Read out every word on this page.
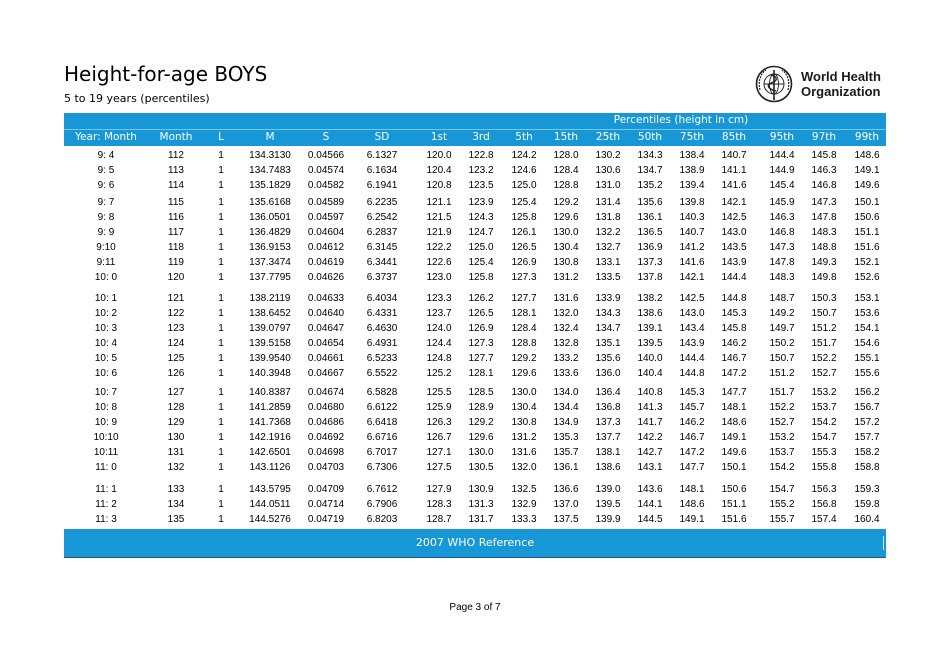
Height-for-age BOYS
5 to 19 years (percentiles)
World Health
Organization
Percentiles (height in cm)
Year: Month	Month	L	M	S	SD	1st	3rd	5th	15th	25th	50th	75th	85th	95th	97th	99th
9: 4	112	1	134.3130	0.04566	6.1327	120.0	122.8	124.2	128.0	130.2	134.3	138.4	140.7	144.4	145.8	148.6
9: 5	113	1	134.7483	0.04574	6.1634	120.4	123.2	124.6	128.4	130.6	134.7	138.9	141.1	144.9	146.3	149.1
9: 6	114	1	135.1829	0.04582	6.1941	120.8	123.5	125.0	128.8	131.0	135.2	139.4	141.6	145.4	146.8	149.6
9: 7	115	1	135.6168	0.04589	6.2235	121.1	123.9	125.4	129.2	131.4	135.6	139.8	142.1	145.9	147.3	150.1
9: 8	116	1	136.0501	0.04597	6.2542	121.5	124.3	125.8	129.6	131.8	136.1	140.3	142.5	146.3	147.8	150.6
9: 9	117	1	136.4829	0.04604	6.2837	121.9	124.7	126.1	130.0	132.2	136.5	140.7	143.0	146.8	148.3	151.1
9:10	118	1	136.9153	0.04612	6.3145	122.2	125.0	126.5	130.4	132.7	136.9	141.2	143.5	147.3	148.8	151.6
9:11	119	1	137.3474	0.04619	6.3441	122.6	125.4	126.9	130.8	133.1	137.3	141.6	143.9	147.8	149.3	152.1
10: 0	120	1	137.7795	0.04626	6.3737	123.0	125.8	127.3	131.2	133.5	137.8	142.1	144.4	148.3	149.8	152.6
10: 1	121	1	138.2119	0.04633	6.4034	123.3	126.2	127.7	131.6	133.9	138.2	142.5	144.8	148.7	150.3	153.1
10: 2	122	1	138.6452	0.04640	6.4331	123.7	126.5	128.1	132.0	134.3	138.6	143.0	145.3	149.2	150.7	153.6
10: 3	123	1	139.0797	0.04647	6.4630	124.0	126.9	128.4	132.4	134.7	139.1	143.4	145.8	149.7	151.2	154.1
10: 4	124	1	139.5158	0.04654	6.4931	124.4	127.3	128.8	132.8	135.1	139.5	143.9	146.2	150.2	151.7	154.6
10: 5	125	1	139.9540	0.04661	6.5233	124.8	127.7	129.2	133.2	135.6	140.0	144.4	146.7	150.7	152.2	155.1
10: 6	126	1	140.3948	0.04667	6.5522	125.2	128.1	129.6	133.6	136.0	140.4	144.8	147.2	151.2	152.7	155.6
10: 7	127	1	140.8387	0.04674	6.5828	125.5	128.5	130.0	134.0	136.4	140.8	145.3	147.7	151.7	153.2	156.2
10: 8	128	1	141.2859	0.04680	6.6122	125.9	128.9	130.4	134.4	136.8	141.3	145.7	148.1	152.2	153.7	156.7
10: 9	129	1	141.7368	0.04686	6.6418	126.3	129.2	130.8	134.9	137.3	141.7	146.2	148.6	152.7	154.2	157.2
10:10	130	1	142.1916	0.04692	6.6716	126.7	129.6	131.2	135.3	137.7	142.2	146.7	149.1	153.2	154.7	157.7
10:11	131	1	142.6501	0.04698	6.7017	127.1	130.0	131.6	135.7	138.1	142.7	147.2	149.6	153.7	155.3	158.2
11: 0	132	1	143.1126	0.04703	6.7306	127.5	130.5	132.0	136.1	138.6	143.1	147.7	150.1	154.2	155.8	158.8
11: 1	133	1	143.5795	0.04709	6.7612	127.9	130.9	132.5	136.6	139.0	143.6	148.1	150.6	154.7	156.3	159.3
11: 2	134	1	144.0511	0.04714	6.7906	128.3	131.3	132.9	137.0	139.5	144.1	148.6	151.1	155.2	156.8	159.8
11: 3	135	1	144.5276	0.04719	6.8203	128.7	131.7	133.3	137.5	139.9	144.5	149.1	151.6	155.7	157.4	160.4
2007 WHO Reference
Page 3 of 7
